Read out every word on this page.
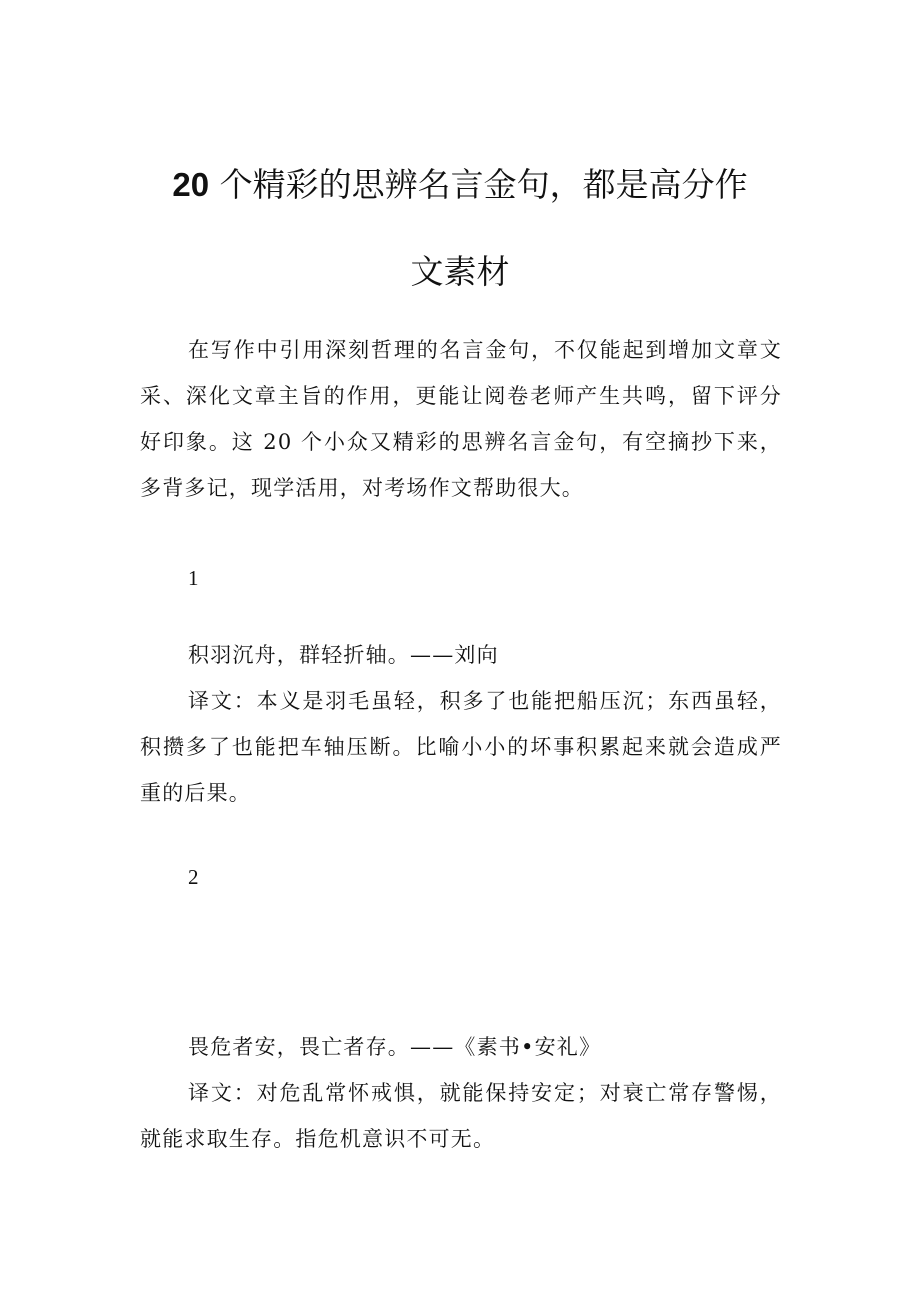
20 个精彩的思辨名言金句，都是高分作
文素材
在写作中引用深刻哲理的名言金句，不仅能起到增加文章文采、深化文章主旨的作用，更能让阅卷老师产生共鸣，留下评分好印象。这 20 个小众又精彩的思辨名言金句，有空摘抄下来，多背多记，现学活用，对考场作文帮助很大。
1
积羽沉舟，群轻折轴。——刘向
译文：本义是羽毛虽轻，积多了也能把船压沉；东西虽轻，积攒多了也能把车轴压断。比喻小小的坏事积累起来就会造成严重的后果。
2
畏危者安，畏亡者存。——《素书•安礼》
译文：对危乱常怀戒惧，就能保持安定；对衰亡常存警惕，就能求取生存。指危机意识不可无。
